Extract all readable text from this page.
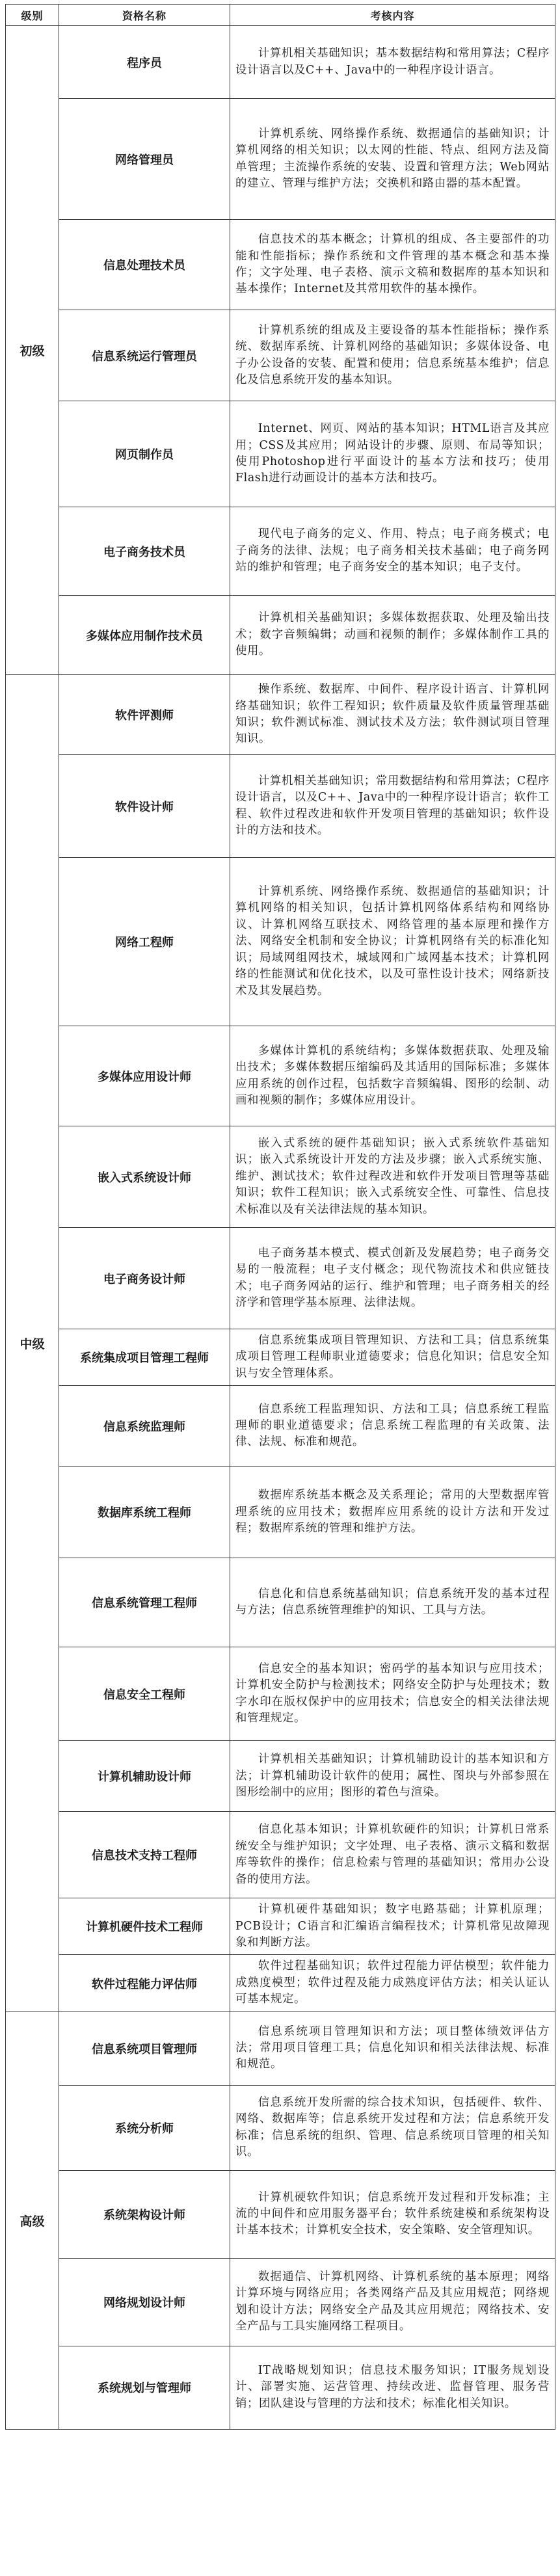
级别	资格名称	考核内容
初级	程序员	计算机相关基础知识；基本数据结构和常用算法；C程序设计语言以及C++、Java中的一种程序设计语言。

	网络管理员	计算机系统、网络操作系统、数据通信的基础知识；计算机网络的相关知识；以太网的性能、特点、组网方法及简单管理；主流操作系统的安装、设置和管理方法；Web网站的建立、管理与维护方法；交换机和路由器的基本配置。

	信息处理技术员	信息技术的基本概念；计算机的组成、各主要部件的功能和性能指标；操作系统和文件管理的基本概念和基本操作；文字处理、电子表格、演示文稿和数据库的基本知识和基本操作；Internet及其常用软件的基本操作。

	信息系统运行管理员	计算机系统的组成及主要设备的基本性能指标；操作系统、数据库系统、计算机网络的基础知识；多媒体设备、电子办公设备的安装、配置和使用；信息系统基本维护；信息化及信息系统开发的基本知识。

	网页制作员	Internet、网页、网站的基本知识；HTML语言及其应用；CSS及其应用；网站设计的步骤、原则、布局等知识；使用Photoshop进行平面设计的基本方法和技巧；使用Flash进行动画设计的基本方法和技巧。

	电子商务技术员	现代电子商务的定义、作用、特点；电子商务模式；电子商务的法律、法规；电子商务相关技术基础；电子商务网站的维护和管理；电子商务安全的基本知识；电子支付。

	多媒体应用制作技术员	计算机相关基础知识；多媒体数据获取、处理及输出技术；数字音频编辑；动画和视频的制作；多媒体制作工具的使用。

中级	软件评测师	操作系统、数据库、中间件、程序设计语言、计算机网络基础知识；软件工程知识；软件质量及软件质量管理基础知识；软件测试标准、测试技术及方法；软件测试项目管理知识。

	软件设计师	计算机相关基础知识；常用数据结构和常用算法；C程序设计语言，以及C++、Java中的一种程序设计语言；软件工程、软件过程改进和软件开发项目管理的基础知识；软件设计的方法和技术。

	网络工程师	计算机系统、网络操作系统、数据通信的基础知识；计算机网络的相关知识，包括计算机网络体系结构和网络协议、计算机网络互联技术、网络管理的基本原理和操作方法、网络安全机制和安全协议；计算机网络有关的标准化知识；局域网组网技术，城域网和广域网基本技术；计算机网络的性能测试和优化技术，以及可靠性设计技术；网络新技术及其发展趋势。

	多媒体应用设计师	多媒体计算机的系统结构；多媒体数据获取、处理及输出技术；多媒体数据压缩编码及其适用的国际标准；多媒体应用系统的创作过程，包括数字音频编辑、图形的绘制、动画和视频的制作；多媒体应用设计。

	嵌入式系统设计师	嵌入式系统的硬件基础知识；嵌入式系统软件基础知识；嵌入式系统设计开发的方法及步骤；嵌入式系统实施、维护、测试技术；软件过程改进和软件开发项目管理等基础知识；软件工程知识；嵌入式系统安全性、可靠性、信息技术标准以及有关法律法规的基本知识。

	电子商务设计师	电子商务基本模式、模式创新及发展趋势；电子商务交易的一般流程；电子支付概念；现代物流技术和供应链技术；电子商务网站的运行、维护和管理；电子商务相关的经济学和管理学基本原理、法律法规。

	系统集成项目管理工程师	信息系统集成项目管理知识、方法和工具；信息系统集成项目管理工程师职业道德要求；信息化知识；信息安全知识与安全管理体系。

	信息系统监理师	信息系统工程监理知识、方法和工具；信息系统工程监理师的职业道德要求；信息系统工程监理的有关政策、法律、法规、标准和规范。

	数据库系统工程师	数据库系统基本概念及关系理论；常用的大型数据库管理系统的应用技术；数据库应用系统的设计方法和开发过程；数据库系统的管理和维护方法。

	信息系统管理工程师	信息化和信息系统基础知识；信息系统开发的基本过程与方法；信息系统管理维护的知识、工具与方法。

	信息安全工程师	信息安全的基本知识；密码学的基本知识与应用技术；计算机安全防护与检测技术；网络安全防护与处理技术；数字水印在版权保护中的应用技术；信息安全的相关法律法规和管理规定。

	计算机辅助设计师	计算机相关基础知识；计算机辅助设计的基本知识和方法；计算机辅助设计软件的使用；属性、图块与外部参照在图形绘制中的应用；图形的着色与渲染。

	信息技术支持工程师	信息化基本知识；计算机软硬件的知识；计算机日常系统安全与维护知识；文字处理、电子表格、演示文稿和数据库等软件的操作；信息检索与管理的基础知识；常用办公设备的使用方法。

	计算机硬件技术工程师	计算机硬件基础知识；数字电路基础；计算机原理；PCB设计；C语言和汇编语言编程技术；计算机常见故障现象和判断方法。

	软件过程能力评估师	软件过程基础知识；软件过程能力评估模型；软件能力成熟度模型；软件过程及能力成熟度评估方法；相关认证认可基本规定。

高级	信息系统项目管理师	信息系统项目管理知识和方法；项目整体绩效评估方法；常用项目管理工具；信息化知识和相关法律法规、标准和规范。

	系统分析师	信息系统开发所需的综合技术知识，包括硬件、软件、网络、数据库等；信息系统开发过程和方法；信息系统开发标准；信息系统的组织、管理、信息系统项目管理的相关知识。

	系统架构设计师	计算机硬软件知识；信息系统开发过程和开发标准；主流的中间件和应用服务器平台；软件系统建模和系统架构设计基本技术；计算机安全技术，安全策略、安全管理知识。

	网络规划设计师	数据通信、计算机网络、计算机系统的基本原理；网络计算环境与网络应用；各类网络产品及其应用规范；网络规划和设计方法；网络安全产品及其应用规范；网络技术、安全产品与工具实施网络工程项目。

	系统规划与管理师	IT战略规划知识；信息技术服务知识；IT服务规划设计、部署实施、运营管理、持续改进、监督管理、服务营销；团队建设与管理的方法和技术；标准化相关知识。
